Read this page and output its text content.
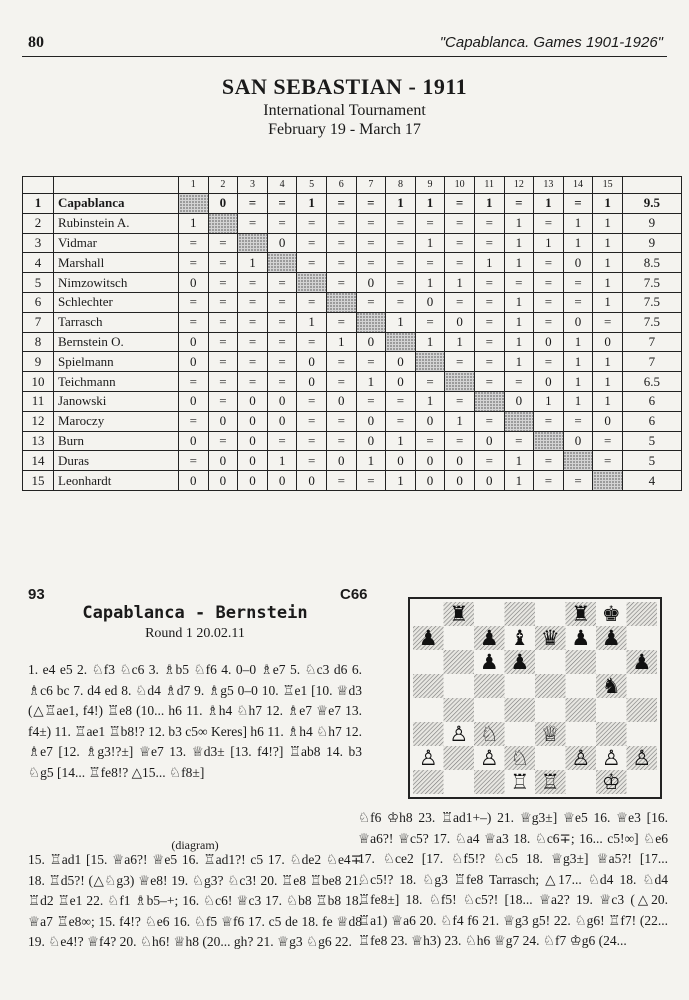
80	"Capablanca. Games 1901-1926"
SAN SEBASTIAN - 1911
International Tournament
February 19 - March 17
		1	2	3	4	5	6	7	8	9	10	11	12	13	14	15	
1	Capablanca		0	=	=	1	=	=	1	1	=	1	=	1	=	1	9.5
2	Rubinstein A.	1		=	=	=	=	=	=	=	=	=	1	=	1	1	9
3	Vidmar	=	=		0	=	=	=	=	1	=	=	1	1	1	1	9
4	Marshall	=	=	1		=	=	=	=	=	=	1	1	=	0	1	8.5
5	Nimzowitsch	0	=	=	=		=	0	=	1	1	=	=	=	=	1	7.5
6	Schlechter	=	=	=	=	=		=	=	0	=	=	1	=	=	1	7.5
7	Tarrasch	=	=	=	=	1	=		1	=	0	=	1	=	0	=	7.5
8	Bernstein O.	0	=	=	=	=	1	0		1	1	=	1	0	1	0	7
9	Spielmann	0	=	=	=	0	=	=	0		=	=	1	=	1	1	7
10	Teichmann	=	=	=	=	0	=	1	0	=		=	=	0	1	1	6.5
11	Janowski	0	=	0	0	=	0	=	=	1	=		0	1	1	1	6
12	Maroczy	=	0	0	0	=	=	0	=	0	1	=		=	=	0	6
13	Burn	0	=	0	=	=	=	0	1	=	=	0	=		0	=	5
14	Duras	=	0	0	1	=	0	1	0	0	0	=	1	=		=	5
15	Leonhardt	0	0	0	0	0	=	=	1	0	0	0	1	=	=		4
93	C66
Capablanca - Bernstein
Round 1 20.02.11

1. e4 e5 2. ♘f3 ♘c6 3. ♗b5 ♘f6 4. 0–0 ♗e7 5. ♘c3 d6 6. ♗c6 bc 7. d4 ed 8. ♘d4 ♗d7 9. ♗g5 0–0 10. ♖e1 [10. ♕d3 (△♖ae1, f4!) ♖e8 (10... h6 11. ♗h4 ♘h7 12. ♗e7 ♕e7 13. f4±) 11. ♖ae1 ♖b8!? 12. b3 c5∞ Keres] h6 11. ♗h4 ♘h7 12. ♗e7 [12. ♗g3!?±] ♕e7 13. ♕d3± [13. f4!?] ♖ab8 14. b3 ♘g5 [14... ♖fe8!? △15... ♘f8±]

(diagram)

15. ♖ad1 [15. ♕a6?! ♕e5 16. ♖ad1?! c5 17. ♘de2 ♘e4∓ 18. ♖d5?! (△♘g3) ♕e8! 19. ♘g3? ♘c3! 20. ♖e8 ♖be8 21. ♖d2 ♖e1 22. ♘f1 ♗b5–+; 16. ♘c6! ♕c3 17. ♘b8 ♖b8 18. ♕a7 ♖e8∞; 15. f4!? ♘e6 16. ♘f5 ♕f6 17. c5 de 18. fe ♕d8 19. ♘e4!? ♕f4? 20. ♘h6! ♕h8 (20... gh? 21. ♕g3 ♘g6 22.

♘f6 ♔h8 23. ♖ad1+–) 21. ♕g3±] ♕e5 16. ♕e3 [16. ♕a6?! ♕c5? 17. ♘a4 ♕a3 18. ♘c6∓; 16... c5!∞] ♘e6 17. ♘ce2 [17. ♘f5!? ♘c5 18. ♕g3±] ♕a5?! [17... ♘c5!? 18. ♘g3 ♖fe8 Tarrasch; △17... ♘d4 18. ♘d4 ♖fe8±] 18. ♘f5! ♘c5?! [18... ♕a2? 19. ♕c3 (△20. ♖a1) ♕a6 20. ♘f4 f6 21. ♕g3 g5! 22. ♘g6! ♖f7! (22... ♖fe8 23. ♕h3) 23. ♘h6 ♕g7 24. ♘f7 ♔g6 (24...

♜	♜ ♚
♟ ♟ ♝ ♛ ♟ ♟
♟ ♟	♟
♞
♙ ♘ ♕
♙ ♙ ♘ ♙ ♙ ♙
♖ ♖ ♔
